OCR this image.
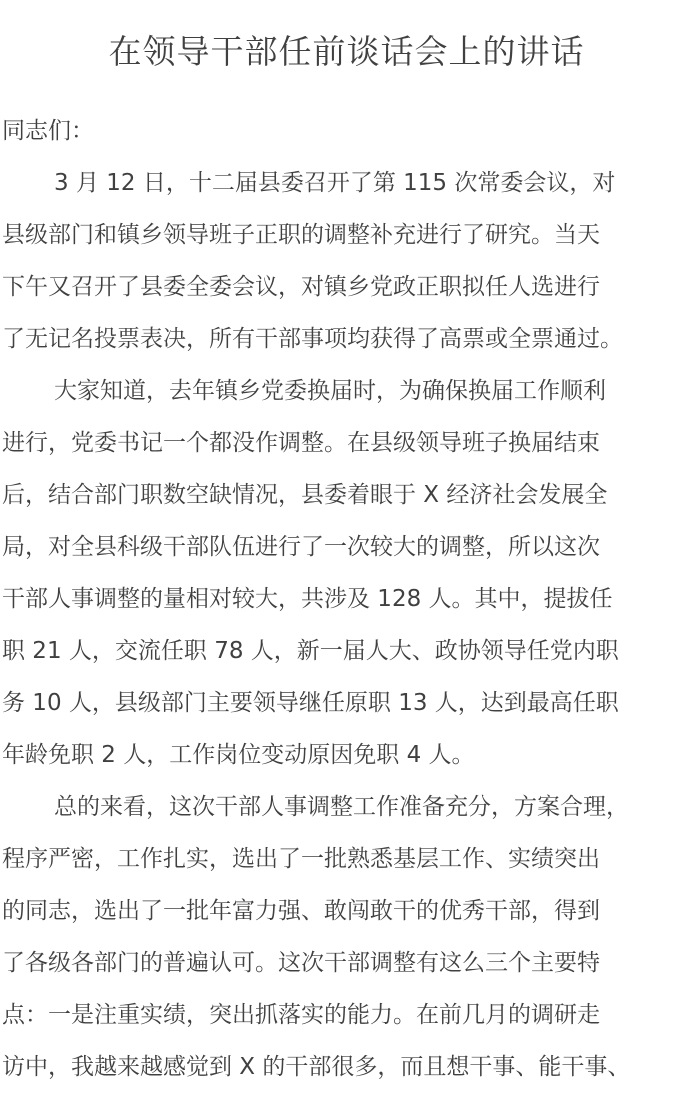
在领导干部任前谈话会上的讲话
同志们：
3 月 12 日，十二届县委召开了第 115 次常委会议，对
县级部门和镇乡领导班子正职的调整补充进行了研究。当天
下午又召开了县委全委会议，对镇乡党政正职拟任人选进行
了无记名投票表决，所有干部事项均获得了高票或全票通过。
大家知道，去年镇乡党委换届时，为确保换届工作顺利
进行，党委书记一个都没作调整。在县级领导班子换届结束
后，结合部门职数空缺情况，县委着眼于 X 经济社会发展全
局，对全县科级干部队伍进行了一次较大的调整，所以这次
干部人事调整的量相对较大，共涉及 128 人。其中，提拔任
职 21 人，交流任职 78 人，新一届人大、政协领导任党内职
务 10 人，县级部门主要领导继任原职 13 人，达到最高任职
年龄免职 2 人，工作岗位变动原因免职 4 人。
总的来看，这次干部人事调整工作准备充分，方案合理，
程序严密，工作扎实，选出了一批熟悉基层工作、实绩突出
的同志，选出了一批年富力强、敢闯敢干的优秀干部，得到
了各级各部门的普遍认可。这次干部调整有这么三个主要特
点：一是注重实绩，突出抓落实的能力。在前几月的调研走
访中，我越来越感觉到 X 的干部很多，而且想干事、能干事、
